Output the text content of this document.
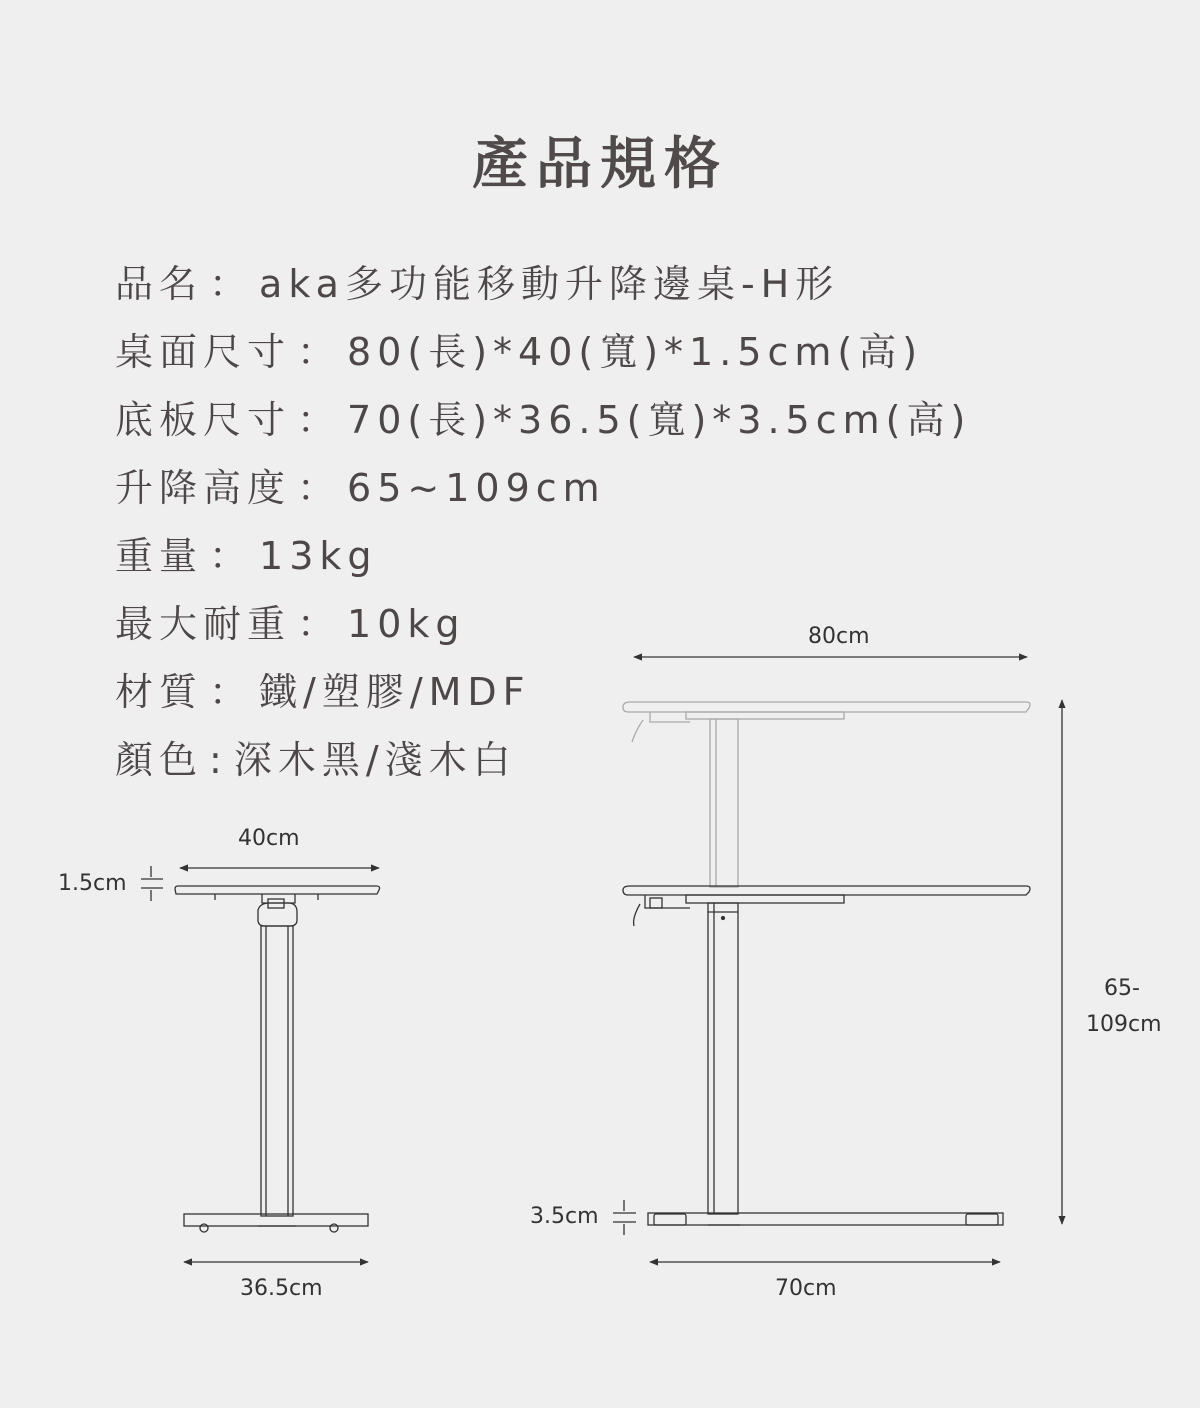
產品規格
品名 ： aka多功能移動升降邊桌-H形
桌面尺寸 ： 80(長)*40(寬)*1.5cm(高)
底板尺寸 ： 70(長)*36.5(寬)*3.5cm(高)
升降高度 ： 65~109cm
重量 ： 13kg
最大耐重 ： 10kg
材質 ： 鐵/塑膠/MDF
顏色 : 深木黑/淺木白
40cm
1.5cm
36.5cm
80cm
3.5cm
70cm
65-
109cm
